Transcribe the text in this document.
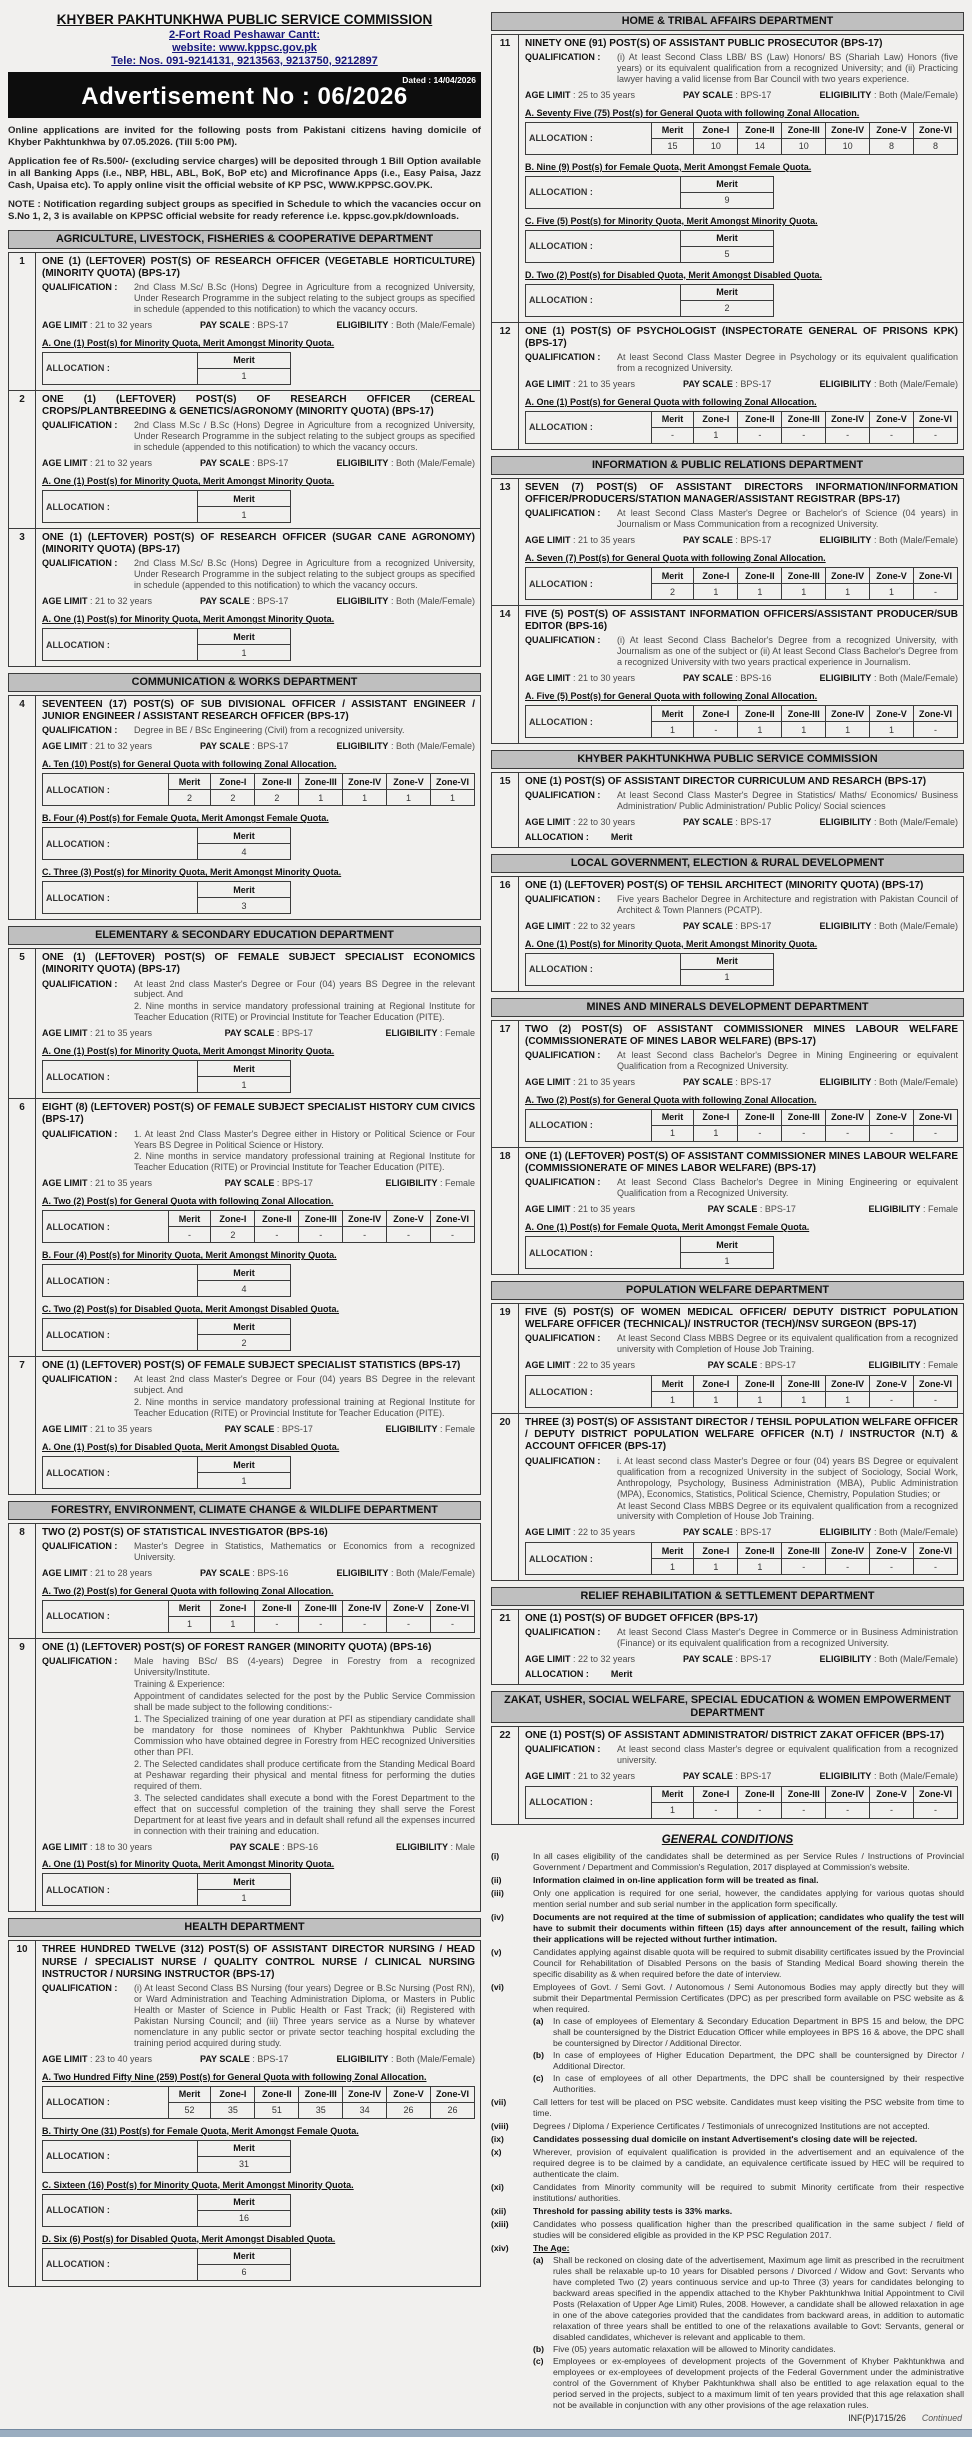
KHYBER PAKHTUNKHWA PUBLIC SERVICE COMMISSION
2-Fort Road Peshawar Cantt:
website: www.kppsc.gov.pk
Tele: Nos. 091-9214131, 9213563, 9213750, 9212897
Dated : 14/04/2026
Advertisement No : 06/2026

Online applications are invited for the following posts from Pakistani citizens having domicile of Khyber Pakhtunkhwa by 07.05.2026. (Till 5:00 PM).

Application fee of Rs.500/- (excluding service charges) will be deposited through 1 Bill Option available in all Banking Apps (i.e., NBP, HBL, ABL, BoK, BoP etc) and Microfinance Apps (i.e., Easy Paisa, Jazz Cash, Upaisa etc). To apply online visit the official website of KP PSC, WWW.KPPSC.GOV.PK.

NOTE : Notification regarding subject groups as specified in Schedule to which the vacancies occur on S.No 1, 2, 3 is available on KPPSC official website for ready reference i.e. kppsc.gov.pk/downloads.

AGRICULTURE, LIVESTOCK, FISHERIES & COOPERATIVE DEPARTMENT
1	ONE (1) (LEFTOVER) POST(S) OF RESEARCH OFFICER (VEGETABLE HORTICULTURE) (MINORITY QUOTA) (BPS-17)
QUALIFICATION :	2nd Class M.Sc/ B.Sc (Hons) Degree in Agriculture from a recognized University, Under Research Programme in the subject relating to the subject groups as specified in schedule (appended to this notification) to which the vacancy occurs.
AGE LIMIT : 21 to 32 years	PAY SCALE : BPS-17	ELIGIBILITY : Both (Male/Female)
A. One (1) Post(s) for Minority Quota, Merit Amongst Minority Quota.
ALLOCATION :	Merit
1
2	ONE (1) (LEFTOVER) POST(S) OF RESEARCH OFFICER (CEREAL CROPS/PLANTBREEDING & GENETICS/AGRONOMY (MINORITY QUOTA) (BPS-17)
QUALIFICATION :	2nd Class M.Sc / B.Sc (Hons) Degree in Agriculture from a recognized University, Under Research Programme in the subject relating to the subject groups as specified in schedule (appended to this notification) to which the vacancy occurs.
AGE LIMIT : 21 to 32 years	PAY SCALE : BPS-17	ELIGIBILITY : Both (Male/Female)
A. One (1) Post(s) for Minority Quota, Merit Amongst Minority Quota.
ALLOCATION :	Merit
1
3	ONE (1) (LEFTOVER) POST(S) OF RESEARCH OFFICER (SUGAR CANE AGRONOMY) (MINORITY QUOTA) (BPS-17)
QUALIFICATION :	2nd Class M.Sc/ B.Sc (Hons) Degree in Agriculture from a recognized University, Under Research Programme in the subject relating to the subject groups as specified in schedule (appended to this notification) to which the vacancy occurs.
AGE LIMIT : 21 to 32 years	PAY SCALE : BPS-17	ELIGIBILITY : Both (Male/Female)
A. One (1) Post(s) for Minority Quota, Merit Amongst Minority Quota.
ALLOCATION :	Merit
1
COMMUNICATION & WORKS DEPARTMENT
4	SEVENTEEN (17) POST(S) OF SUB DIVISIONAL OFFICER / ASSISTANT ENGINEER / JUNIOR ENGINEER / ASSISTANT RESEARCH OFFICER (BPS-17)
QUALIFICATION :	Degree in BE / BSc Engineering (Civil) from a recognized university.
AGE LIMIT : 21 to 32 years	PAY SCALE : BPS-17	ELIGIBILITY : Both (Male/Female)
A. Ten (10) Post(s) for General Quota with following Zonal Allocation.
ALLOCATION :	Merit	Zone-I	Zone-II	Zone-III	Zone-IV	Zone-V	Zone-VI
	2	2	2	1	1	1	1
B. Four (4) Post(s) for Female Quota, Merit Amongst Female Quota.
ALLOCATION :	Merit
4
C. Three (3) Post(s) for Minority Quota, Merit Amongst Minority Quota.
ALLOCATION :	Merit
3
ELEMENTARY & SECONDARY EDUCATION DEPARTMENT
5	ONE (1) (LEFTOVER) POST(S) OF FEMALE SUBJECT SPECIALIST ECONOMICS (MINORITY QUOTA) (BPS-17)
QUALIFICATION :	At least 2nd class Master's Degree or Four (04) years BS Degree in the relevant subject. And
2. Nine months in service mandatory professional training at Regional Institute for Teacher Education (RITE) or Provincial Institute for Teacher Education (PITE).
AGE LIMIT : 21 to 35 years	PAY SCALE : BPS-17	ELIGIBILITY : Female
A. One (1) Post(s) for Minority Quota, Merit Amongst Minority Quota.
ALLOCATION :	Merit
1
6	EIGHT (8) (LEFTOVER) POST(S) OF FEMALE SUBJECT SPECIALIST HISTORY CUM CIVICS (BPS-17)
QUALIFICATION :	1. At least 2nd Class Master's Degree either in History or Political Science or Four Years BS Degree in Political Science or History.
2. Nine months in service mandatory professional training at Regional Institute for Teacher Education (RITE) or Provincial Institute for Teacher Education (PITE).
AGE LIMIT : 21 to 35 years	PAY SCALE : BPS-17	ELIGIBILITY : Female
A. Two (2) Post(s) for General Quota with following Zonal Allocation.
ALLOCATION :	Merit	Zone-I	Zone-II	Zone-III	Zone-IV	Zone-V	Zone-VI
	-	2	-	-	-	-	-
B. Four (4) Post(s) for Minority Quota, Merit Amongst Minority Quota.
ALLOCATION :	Merit
4
C. Two (2) Post(s) for Disabled Quota, Merit Amongst Disabled Quota.
ALLOCATION :	Merit
2
7	ONE (1) (LEFTOVER) POST(S) OF FEMALE SUBJECT SPECIALIST STATISTICS (BPS-17)
QUALIFICATION :	At least 2nd class Master's Degree or Four (04) years BS Degree in the relevant subject. And
2. Nine months in service mandatory professional training at Regional Institute for Teacher Education (RITE) or Provincial Institute for Teacher Education (PITE).
AGE LIMIT : 21 to 35 years	PAY SCALE : BPS-17	ELIGIBILITY : Female
A. One (1) Post(s) for Disabled Quota, Merit Amongst Disabled Quota.
ALLOCATION :	Merit
1
FORESTRY, ENVIRONMENT, CLIMATE CHANGE & WILDLIFE DEPARTMENT
8	TWO (2) POST(S) OF STATISTICAL INVESTIGATOR (BPS-16)
QUALIFICATION :	Master's Degree in Statistics, Mathematics or Economics from a recognized University.
AGE LIMIT : 21 to 28 years	PAY SCALE : BPS-16	ELIGIBILITY : Both (Male/Female)
A. Two (2) Post(s) for General Quota with following Zonal Allocation.
ALLOCATION :	Merit	Zone-I	Zone-II	Zone-III	Zone-IV	Zone-V	Zone-VI
	1	1	-	-	-	-	-
9	ONE (1) (LEFTOVER) POST(S) OF FOREST RANGER (MINORITY QUOTA) (BPS-16)
QUALIFICATION :	Male having BSc/ BS (4-years) Degree in Forestry from a recognized University/Institute.
Training & Experience:
Appointment of candidates selected for the post by the Public Service Commission shall be made subject to the following conditions:-
1. The Specialized training of one year duration at PFI as stipendiary candidate shall be mandatory for those nominees of Khyber Pakhtunkhwa Public Service Commission who have obtained degree in Forestry from HEC recognized Universities other than PFI.
2. The Selected candidates shall produce certificate from the Standing Medical Board at Peshawar regarding their physical and mental fitness for performing the duties required of them.
3. The selected candidates shall execute a bond with the Forest Department to the effect that on successful completion of the training they shall serve the Forest Department for at least five years and in default shall refund all the expenses incurred in connection with their training and education.
AGE LIMIT : 18 to 30 years	PAY SCALE : BPS-16	ELIGIBILITY : Male
A. One (1) Post(s) for Minority Quota, Merit Amongst Minority Quota.
ALLOCATION :	Merit
1
HEALTH DEPARTMENT
10	THREE HUNDRED TWELVE (312) POST(S) OF ASSISTANT DIRECTOR NURSING / HEAD NURSE / SPECIALIST NURSE / QUALITY CONTROL NURSE / CLINICAL NURSING INSTRUCTOR / NURSING INSTRUCTOR (BPS-17)
QUALIFICATION :	(i) At least Second Class BS Nursing (four years) Degree or B.Sc Nursing (Post RN), or Ward Administration and Teaching Administration Diploma, or Masters in Public Health or Master of Science in Public Health or Fast Track; (ii) Registered with Pakistan Nursing Council; and (iii) Three years service as a Nurse by whatever nomenclature in any public sector or private sector teaching hospital excluding the training period acquired during study.
AGE LIMIT : 23 to 40 years	PAY SCALE : BPS-17	ELIGIBILITY : Both (Male/Female)
A. Two Hundred Fifty Nine (259) Post(s) for General Quota with following Zonal Allocation.
ALLOCATION :	Merit	Zone-I	Zone-II	Zone-III	Zone-IV	Zone-V	Zone-VI
	52	35	51	35	34	26	26
B. Thirty One (31) Post(s) for Female Quota, Merit Amongst Female Quota.
ALLOCATION :	Merit
31
C. Sixteen (16) Post(s) for Minority Quota, Merit Amongst Minority Quota.
ALLOCATION :	Merit
16
D. Six (6) Post(s) for Disabled Quota, Merit Amongst Disabled Quota.
ALLOCATION :	Merit
6
HOME & TRIBAL AFFAIRS DEPARTMENT
11	NINETY ONE (91) POST(S) OF ASSISTANT PUBLIC PROSECUTOR (BPS-17)
QUALIFICATION :	(i) At least Second Class LBB/ BS (Law) Honors/ BS (Shariah Law) Honors (five years) or its equivalent qualification from a recognized University; and (ii) Practicing lawyer having a valid license from Bar Council with two years experience.
AGE LIMIT : 25 to 35 years	PAY SCALE : BPS-17	ELIGIBILITY : Both (Male/Female)
A. Seventy Five (75) Post(s) for General Quota with following Zonal Allocation.
ALLOCATION :	Merit	Zone-I	Zone-II	Zone-III	Zone-IV	Zone-V	Zone-VI
	15	10	14	10	10	8	8
B. Nine (9) Post(s) for Female Quota, Merit Amongst Female Quota.
ALLOCATION :	Merit
9
C. Five (5) Post(s) for Minority Quota, Merit Amongst Minority Quota.
ALLOCATION :	Merit
5
D. Two (2) Post(s) for Disabled Quota, Merit Amongst Disabled Quota.
ALLOCATION :	Merit
2
12	ONE (1) POST(S) OF PSYCHOLOGIST (INSPECTORATE GENERAL OF PRISONS KPK) (BPS-17)
QUALIFICATION :	At least Second Class Master Degree in Psychology or its equivalent qualification from a recognized University.
AGE LIMIT : 21 to 35 years	PAY SCALE : BPS-17	ELIGIBILITY : Both (Male/Female)
A. One (1) Post(s) for General Quota with following Zonal Allocation.
ALLOCATION :	Merit	Zone-I	Zone-II	Zone-III	Zone-IV	Zone-V	Zone-VI
	-	1	-	-	-	-	-
INFORMATION & PUBLIC RELATIONS DEPARTMENT
13	SEVEN (7) POST(S) OF ASSISTANT DIRECTORS INFORMATION/INFORMATION OFFICER/PRODUCERS/STATION MANAGER/ASSISTANT REGISTRAR (BPS-17)
QUALIFICATION :	At least Second Class Master's Degree or Bachelor's of Science (04 years) in Journalism or Mass Communication from a recognized University.
AGE LIMIT : 21 to 35 years	PAY SCALE : BPS-17	ELIGIBILITY : Both (Male/Female)
A. Seven (7) Post(s) for General Quota with following Zonal Allocation.
ALLOCATION :	Merit	Zone-I	Zone-II	Zone-III	Zone-IV	Zone-V	Zone-VI
	2	1	1	1	1	1	-
14	FIVE (5) POST(S) OF ASSISTANT INFORMATION OFFICERS/ASSISTANT PRODUCER/SUB EDITOR (BPS-16)
QUALIFICATION :	(i) At least Second Class Bachelor's Degree from a recognized University, with Journalism as one of the subject or (ii) At least Second Class Bachelor's Degree from a recognized University with two years practical experience in Journalism.
AGE LIMIT : 21 to 30 years	PAY SCALE : BPS-16	ELIGIBILITY : Both (Male/Female)
A. Five (5) Post(s) for General Quota with following Zonal Allocation.
ALLOCATION :	Merit	Zone-I	Zone-II	Zone-III	Zone-IV	Zone-V	Zone-VI
	1	-	1	1	1	1	-
KHYBER PAKHTUNKHWA PUBLIC SERVICE COMMISSION
15	ONE (1) POST(S) OF ASSISTANT DIRECTOR CURRICULUM AND RESARCH (BPS-17)
QUALIFICATION :	At least Second Class Master's Degree in Statistics/ Maths/ Economics/ Business Administration/ Public Administration/ Public Policy/ Social sciences
AGE LIMIT : 22 to 30 years	PAY SCALE : BPS-17	ELIGIBILITY : Both (Male/Female)
ALLOCATION : Merit
LOCAL GOVERNMENT, ELECTION & RURAL DEVELOPMENT
16	ONE (1) (LEFTOVER) POST(S) OF TEHSIL ARCHITECT (MINORITY QUOTA) (BPS-17)
QUALIFICATION :	Five years Bachelor Degree in Architecture and registration with Pakistan Council of Architect & Town Planners (PCATP).
AGE LIMIT : 22 to 32 years	PAY SCALE : BPS-17	ELIGIBILITY : Both (Male/Female)
A. One (1) Post(s) for Minority Quota, Merit Amongst Minority Quota.
ALLOCATION :	Merit
1
MINES AND MINERALS DEVELOPMENT DEPARTMENT
17	TWO (2) POST(S) OF ASSISTANT COMMISSIONER MINES LABOUR WELFARE (COMMISSIONERATE OF MINES LABOR WELFARE) (BPS-17)
QUALIFICATION :	At least Second class Bachelor's Degree in Mining Engineering or equivalent Qualification from a Recognized University.
AGE LIMIT : 21 to 35 years	PAY SCALE : BPS-17	ELIGIBILITY : Both (Male/Female)
A. Two (2) Post(s) for General Quota with following Zonal Allocation.
ALLOCATION :	Merit	Zone-I	Zone-II	Zone-III	Zone-IV	Zone-V	Zone-VI
	1	1	-	-	-	-	-
18	ONE (1) (LEFTOVER) POST(S) OF ASSISTANT COMMISSIONER MINES LABOUR WELFARE (COMMISSIONERATE OF MINES LABOR WELFARE) (BPS-17)
QUALIFICATION :	At least Second Class Bachelor's Degree in Mining Engineering or equivalent Qualification from a Recognized University.
AGE LIMIT : 21 to 35 years	PAY SCALE : BPS-17	ELIGIBILITY : Female
A. One (1) Post(s) for Female Quota, Merit Amongst Female Quota.
ALLOCATION :	Merit
1
POPULATION WELFARE DEPARTMENT
19	FIVE (5) POST(S) OF WOMEN MEDICAL OFFICER/ DEPUTY DISTRICT POPULATION WELFARE OFFICER (TECHNICAL)/ INSTRUCTOR (TECH)/NSV SURGEON (BPS-17)
QUALIFICATION :	At least Second Class MBBS Degree or its equivalent qualification from a recognized university with Completion of House Job Training.
AGE LIMIT : 22 to 35 years	PAY SCALE : BPS-17	ELIGIBILITY : Female
ALLOCATION :	Merit	Zone-I	Zone-II	Zone-III	Zone-IV	Zone-V	Zone-VI
	1	1	1	1	1	-	-
20	THREE (3) POST(S) OF ASSISTANT DIRECTOR / TEHSIL POPULATION WELFARE OFFICER / DEPUTY DISTRICT POPULATION WELFARE OFFICER (N.T) / INSTRUCTOR (N.T) & ACCOUNT OFFICER (BPS-17)
QUALIFICATION :	i. At least second class Master's Degree or four (04) years BS Degree or equivalent qualification from a recognized University in the subject of Sociology, Social Work, Anthropology, Psychology, Business Administration (MBA), Public Administration (MPA), Economics, Statistics, Political Science, Chemistry, Population Studies; or
At least Second Class MBBS Degree or its equivalent qualification from a recognized university with Completion of House Job Training.
AGE LIMIT : 22 to 35 years	PAY SCALE : BPS-17	ELIGIBILITY : Both (Male/Female)
ALLOCATION :	Merit	Zone-I	Zone-II	Zone-III	Zone-IV	Zone-V	Zone-VI
	1	1	1	-	-	-	-
RELIEF REHABILITATION & SETTLEMENT DEPARTMENT
21	ONE (1) POST(S) OF BUDGET OFFICER (BPS-17)
QUALIFICATION :	At least Second Class Master's Degree in Commerce or in Business Administration (Finance) or its equivalent qualification from a recognized University.
AGE LIMIT : 22 to 32 years	PAY SCALE : BPS-17	ELIGIBILITY : Both (Male/Female)
ALLOCATION : Merit
ZAKAT, USHER, SOCIAL WELFARE, SPECIAL EDUCATION & WOMEN EMPOWERMENT DEPARTMENT
22	ONE (1) POST(S) OF ASSISTANT ADMINISTRATOR/ DISTRICT ZAKAT OFFICER (BPS-17)
QUALIFICATION :	At least second class Master's degree or equivalent qualification from a recognized university.
AGE LIMIT : 21 to 32 years	PAY SCALE : BPS-17	ELIGIBILITY : Both (Male/Female)
ALLOCATION :	Merit	Zone-I	Zone-II	Zone-III	Zone-IV	Zone-V	Zone-VI
	1	-	-	-	-	-	-
GENERAL CONDITIONS
(i)	In all cases eligibility of the candidates shall be determined as per Service Rules / Instructions of Provincial Government / Department and Commission's Regulation, 2017 displayed at Commission's website.
(ii)	Information claimed in on-line application form will be treated as final.
(iii)	Only one application is required for one serial, however, the candidates applying for various quotas should mention serial number and sub serial number in the application form specifically.
(iv)	Documents are not required at the time of submission of application; candidates who qualify the test will have to submit their documents within fifteen (15) days after announcement of the result, failing which their applications will be rejected without further intimation.
(v)	Candidates applying against disable quota will be required to submit disability certificates issued by the Provincial Council for Rehabilitation of Disabled Persons on the basis of Standing Medical Board showing therein the specific disability as & when required before the date of interview.
(vi)	Employees of Govt. / Semi Govt. / Autonomous / Semi Autonomous Bodies may apply directly but they will submit their Departmental Permission Certificates (DPC) as per prescribed form available on PSC website as & when required.
(a)	In case of employees of Elementary & Secondary Education Department in BPS 15 and below, the DPC shall be countersigned by the District Education Officer while employees in BPS 16 & above, the DPC shall be countersigned by Director / Additional Director.
(b)	In case of employees of Higher Education Department, the DPC shall be countersigned by Director / Additional Director.
(c)	In case of employees of all other Departments, the DPC shall be countersigned by their respective Authorities.
(vii)	Call letters for test will be placed on PSC website. Candidates must keep visiting the PSC website from time to time.
(viii)	Degrees / Diploma / Experience Certificates / Testimonials of unrecognized Institutions are not accepted.
(ix)	Candidates possessing dual domicile on instant Advertisement's closing date will be rejected.
(x)	Wherever, provision of equivalent qualification is provided in the advertisement and an equivalence of the required degree is to be claimed by a candidate, an equivalence certificate issued by HEC will be required to authenticate the claim.
(xi)	Candidates from Minority community will be required to submit Minority certificate from their respective institutions/ authorities.
(xii)	Threshold for passing ability tests is 33% marks.
(xiii)	Candidates who possess qualification higher than the prescribed qualification in the same subject / field of studies will be considered eligible as provided in the KP PSC Regulation 2017.
(xiv)	The Age:
(a)	Shall be reckoned on closing date of the advertisement, Maximum age limit as prescribed in the recruitment rules shall be relaxable up-to 10 years for Disabled persons / Divorced / Widow and Govt: Servants who have completed Two (2) years continuous service and up-to Three (3) years for candidates belonging to backward areas specified in the appendix attached to the Khyber Pakhtunkhwa Initial Appointment to Civil Posts (Relaxation of Upper Age Limit) Rules, 2008. However, a candidate shall be allowed relaxation in age in one of the above categories provided that the candidates from backward areas, in addition to automatic relaxation of three years shall be entitled to one of the relaxations available to Govt: Servants, general or disabled candidates, whichever is relevant and applicable to them.
(b)	Five (05) years automatic relaxation will be allowed to Minority candidates.
(c)	Employees or ex-employees of development projects of the Government of Khyber Pakhtunkhwa and employees or ex-employees of development projects of the Federal Government under the administrative control of the Government of Khyber Pakhtunkhwa shall also be entitled to age relaxation equal to the period served in the projects, subject to a maximum limit of ten years provided that this age relaxation shall not be available in conjunction with any other provisions of the age relaxation rules.
INF(P)1715/26 Continued
